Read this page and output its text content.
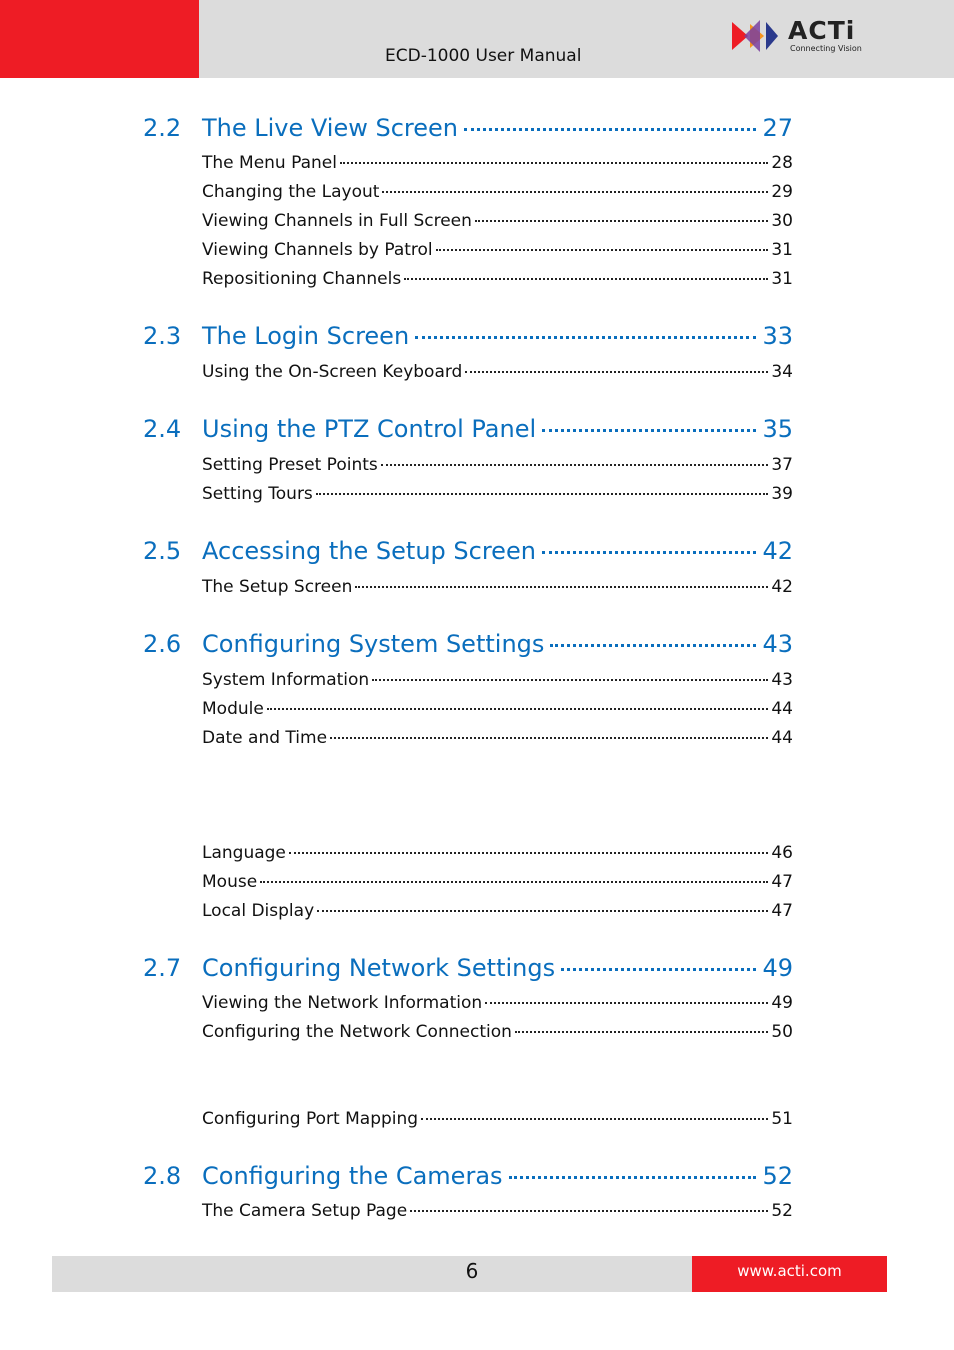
ECD-1000 User Manual
ACTi
Connecting Vision
2.2 The Live View Screen	27
The Menu Panel	28
Changing the Layout	29
Viewing Channels in Full Screen	30
Viewing Channels by Patrol	31
Repositioning Channels	31
2.3 The Login Screen	33
Using the On-Screen Keyboard	34
2.4 Using the PTZ Control Panel	35
Setting Preset Points	37
Setting Tours	39
2.5 Accessing the Setup Screen	42
The Setup Screen	42
2.6 Configuring System Settings	43
System Information	43
Module	44
Date and Time	44
Language	46
Mouse	47
Local Display	47
2.7 Configuring Network Settings	49
Viewing the Network Information	49
Configuring the Network Connection	50
Configuring Port Mapping	51
2.8 Configuring the Cameras	52
The Camera Setup Page	52
6	www.acti.com
